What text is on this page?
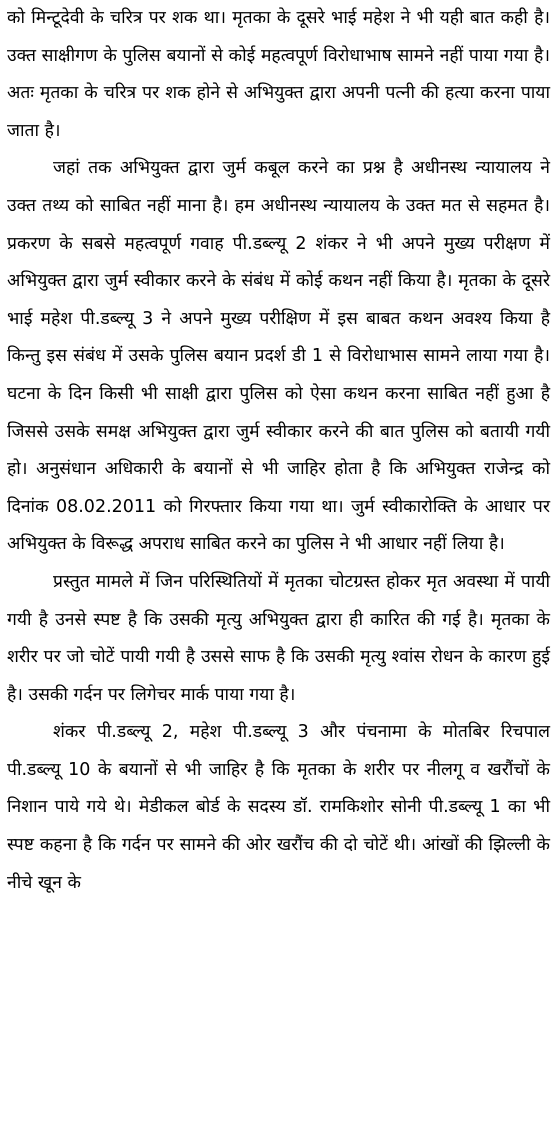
को मिन्टूदेवी के चरित्र पर शक था। मृतका के दूसरे भाई महेश ने भी यही बात कही है। उक्त साक्षीगण के पुलिस बयानों से कोई महत्वपूर्ण विरोधाभाष सामने नहीं पाया गया है। अतः मृतका के चरित्र पर शक होने से अभियुक्त द्वारा अपनी पत्नी की हत्या करना पाया जाता है।

जहां तक अभियुक्त द्वारा जुर्म कबूल करने का प्रश्न है अधीनस्थ न्यायालय ने उक्त तथ्य को साबित नहीं माना है। हम अधीनस्थ न्यायालय के उक्त मत से सहमत है। प्रकरण के सबसे महत्वपूर्ण गवाह पी.डब्ल्यू 2 शंकर ने भी अपने मुख्य परीक्षण में अभियुक्त द्वारा जुर्म स्वीकार करने के संबंध में कोई कथन नहीं किया है। मृतका के दूसरे भाई महेश पी.डब्ल्यू 3 ने अपने मुख्य परीक्षिण में इस बाबत कथन अवश्य किया है किन्तु इस संबंध में उसके पुलिस बयान प्रदर्श डी 1 से विरोधाभास सामने लाया गया है। घटना के दिन किसी भी साक्षी द्वारा पुलिस को ऐसा कथन करना साबित नहीं हुआ है जिससे उसके समक्ष अभियुक्त द्वारा जुर्म स्वीकार करने की बात पुलिस को बतायी गयी हो। अनुसंधान अधिकारी के बयानों से भी जाहिर होता है कि अभियुक्त राजेन्द्र को दिनांक 08.02.2011 को गिरफ्तार किया गया था। जुर्म स्वीकारोक्ति के आधार पर अभियुक्त के विरूद्ध अपराध साबित करने का पुलिस ने भी आधार नहीं लिया है।

प्रस्तुत मामले में जिन परिस्थितियों में मृतका चोटग्रस्त होकर मृत अवस्था में पायी गयी है उनसे स्पष्ट है कि उसकी मृत्यु अभियुक्त द्वारा ही कारित की गई है। मृतका के शरीर पर जो चोटें पायी गयी है उससे साफ है कि उसकी मृत्यु श्वांस रोधन के कारण हुई है। उसकी गर्दन पर लिगेचर मार्क पाया गया है।

शंकर पी.डब्ल्यू 2, महेश पी.डब्ल्यू 3 और पंचनामा के मोतबिर रिचपाल पी.डब्ल्यू 10 के बयानों से भी जाहिर है कि मृतका के शरीर पर नीलगू व खरौंचों के निशान पाये गये थे। मेडीकल बोर्ड के सदस्य डॉ. रामकिशोर सोनी पी.डब्ल्यू 1 का भी स्पष्ट कहना है कि गर्दन पर सामने की ओर खरौंच की दो चोटें थी। आंखों की झिल्ली के नीचे खून के
